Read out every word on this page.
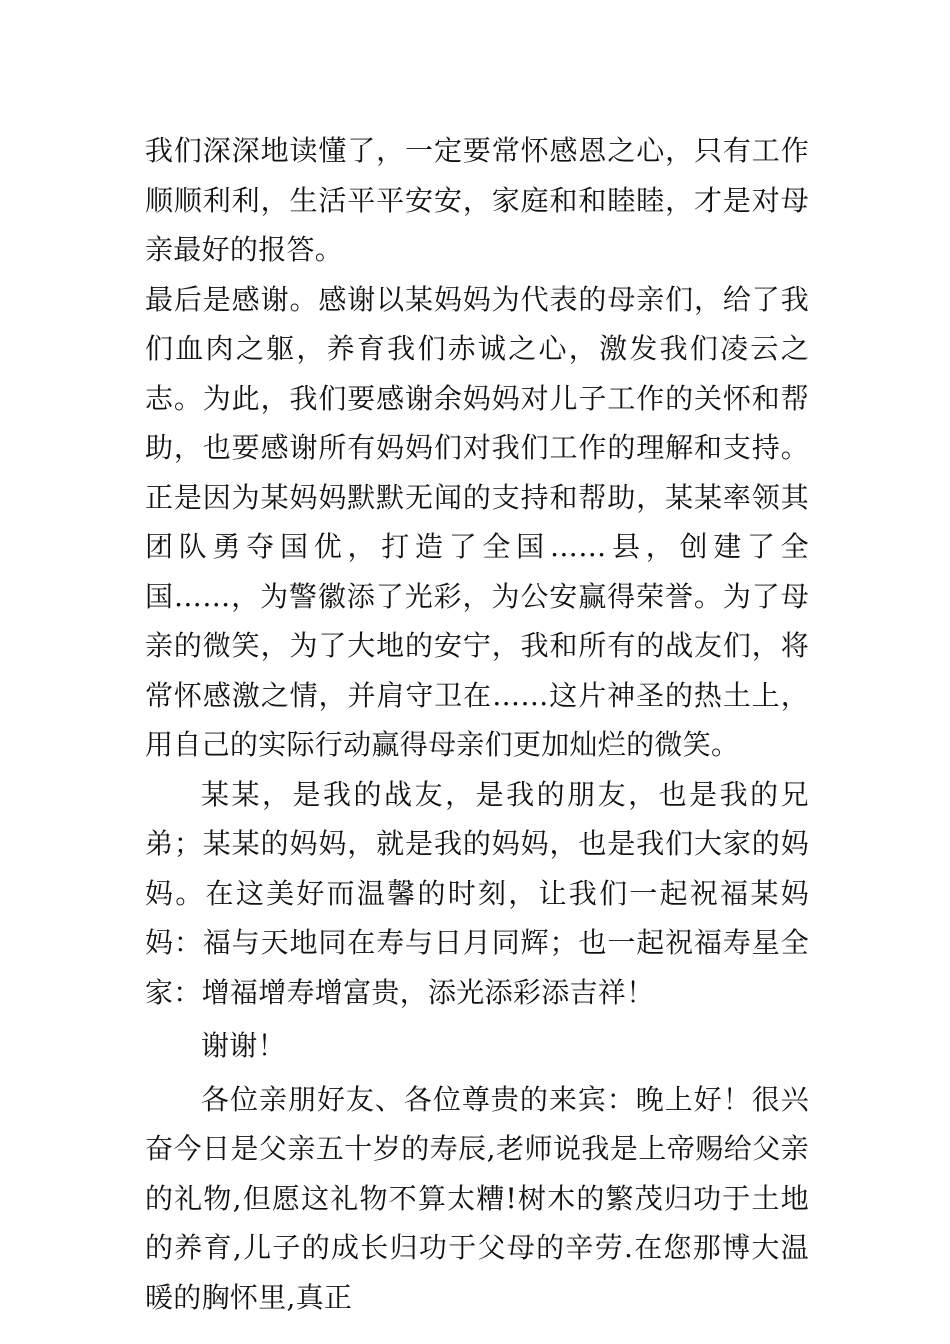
我们深深地读懂了，一定要常怀感恩之心，只有工作顺顺利利，生活平平安安，家庭和和睦睦，才是对母亲最好的报答。

最后是感谢。感谢以某妈妈为代表的母亲们，给了我们血肉之躯，养育我们赤诚之心，激发我们凌云之志。为此，我们要感谢余妈妈对儿子工作的关怀和帮助，也要感谢所有妈妈们对我们工作的理解和支持。正是因为某妈妈默默无闻的支持和帮助，某某率领其团队勇夺国优，打造了全国……县，创建了全国……，为警徽添了光彩，为公安赢得荣誉。为了母亲的微笑，为了大地的安宁，我和所有的战友们，将常怀感激之情，并肩守卫在……这片神圣的热土上，用自己的实际行动赢得母亲们更加灿烂的微笑。

某某，是我的战友，是我的朋友，也是我的兄弟；某某的妈妈，就是我的妈妈，也是我们大家的妈妈。在这美好而温馨的时刻，让我们一起祝福某妈妈：福与天地同在寿与日月同辉；也一起祝福寿星全家：增福增寿增富贵，添光添彩添吉祥！

谢谢！

各位亲朋好友、各位尊贵的来宾：晚上好！很兴奋今日是父亲五十岁的寿辰,老师说我是上帝赐给父亲的礼物,但愿这礼物不算太糟!树木的繁茂归功于土地的养育,儿子的成长归功于父母的辛劳.在您那博大温暖的胸怀里,真正
